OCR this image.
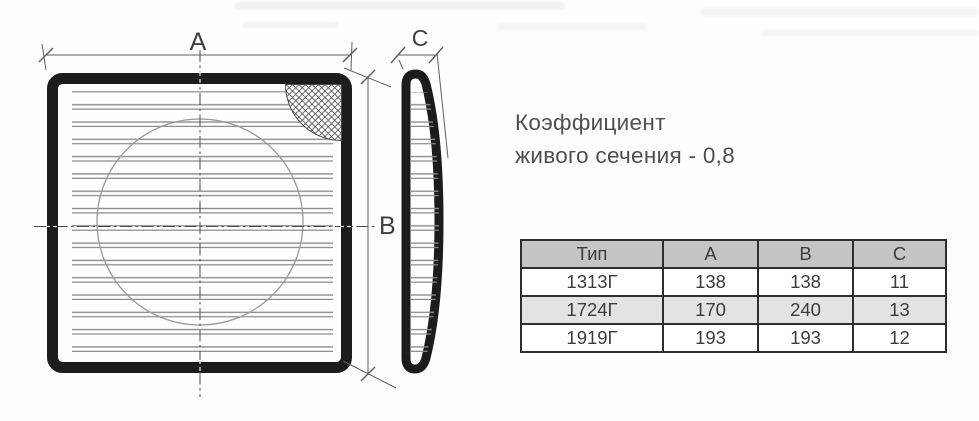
A
B
C
Коэффициент
живого сечения - 0,8
Тип	A	B	C
1313Г	138	138	11
1724Г	170	240	13
1919Г	193	193	12
